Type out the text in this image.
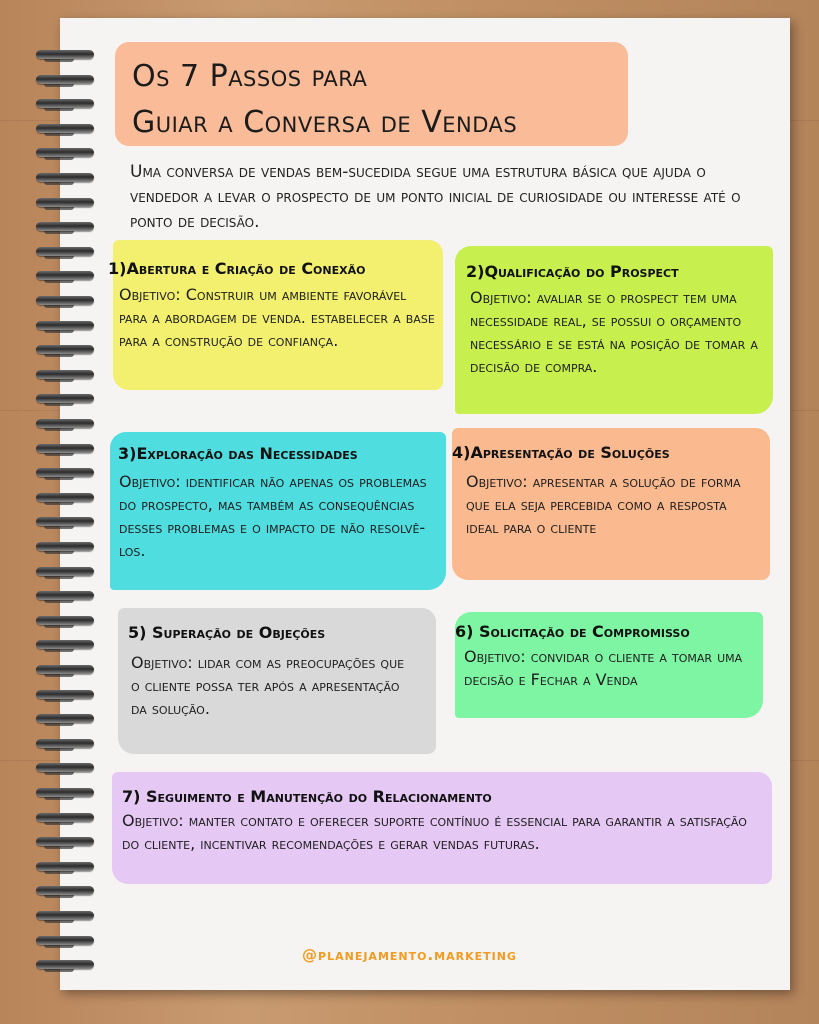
Os 7 Passos para
Guiar a Conversa de Vendas

Uma conversa de vendas bem-sucedida segue uma estrutura básica que ajuda o vendedor a levar o prospecto de um ponto inicial de curiosidade ou interesse até o ponto de decisão.

1)Abertura e Criação de Conexão

Objetivo: Construir um ambiente favorável para a abordagem de venda. estabelecer a base para a construção de confiança.

2)Qualificação do Prospect

Objetivo: avaliar se o prospect tem uma necessidade real, se possui o orçamento necessário e se está na posição de tomar a decisão de compra.

3)Exploração das Necessidades

Objetivo: identificar não apenas os problemas do prospecto, mas também as consequências desses problemas e o impacto de não resolvê-los.

4)Apresentação de Soluções

Objetivo: apresentar a solução de forma que ela seja percebida como a resposta ideal para o cliente

5) Superação de Objeções

Objetivo: lidar com as preocupações que o cliente possa ter após a apresentação da solução.

6) Solicitação de Compromisso

Objetivo: convidar o cliente a tomar uma decisão e Fechar a Venda

7) Seguimento e Manutenção do Relacionamento

Objetivo: manter contato e oferecer suporte contínuo é essencial para garantir a satisfação do cliente, incentivar recomendações e gerar vendas futuras.

@planejamento.marketing
